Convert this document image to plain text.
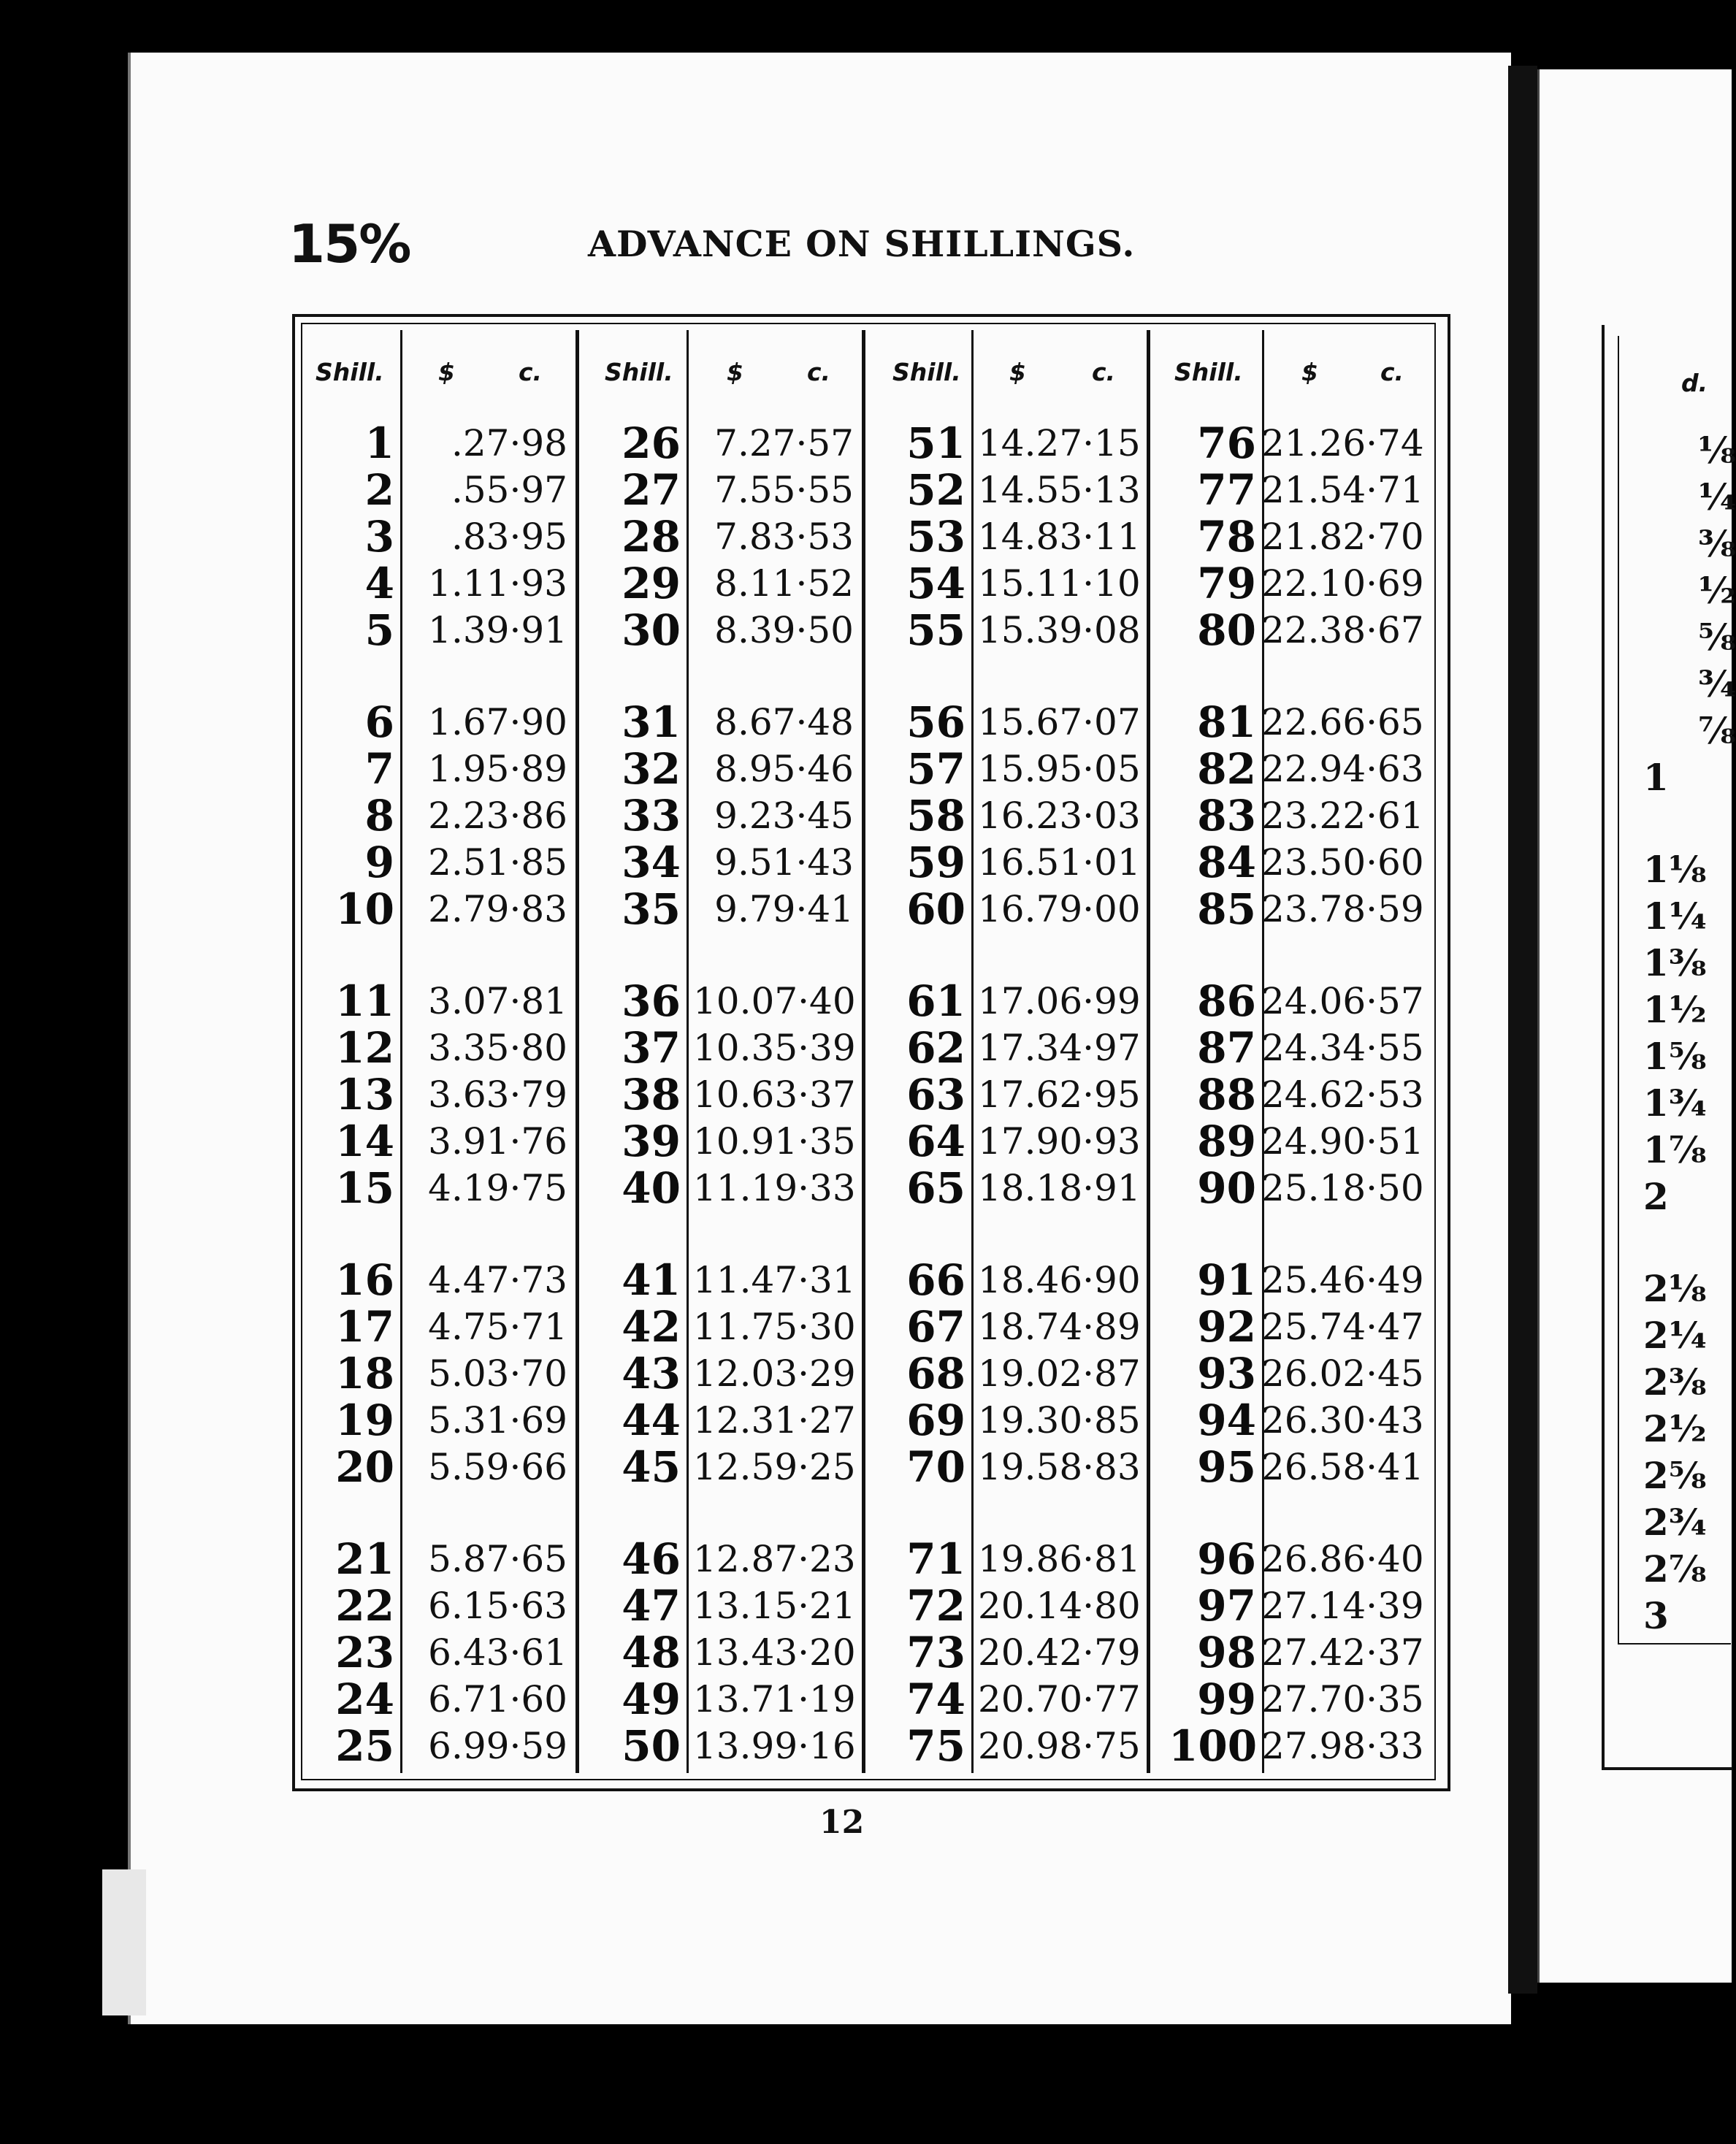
15%	ADVANCE ON SHILLINGS.
Shill. $	c.	Shill. $	c.	Shill. $	c. Shill. $	c.
1	.27·98
2	.55·97
3	.83·95
4 1.11·93
5 1.39·91
6 1.67·90
7 1.95·89
8 2.23·86
9 2.51·85
10 2.79·83
11 3.07·81
12 3.35·80
13 3.63·79
14 3.91·76
15 4.19·75
16 4.47·73
17 4.75·71
18 5.03·70
19 5.31·69
20 5.59·66
21 5.87·65
22 6.15·63
23 6.43·61
24 6.71·60
25 6.99·59
26 7.27·57
27 7.55·55
28 7.83·53
29 8.11·52
30 8.39·50
31 8.67·48
32 8.95·46
33 9.23·45
34 9.51·43
35 9.79·41
36 10.07·40
37 10.35·39
38 10.63·37
39 10.91·35
40 11.19·33
41 11.47·31
42 11.75·30
43 12.03·29
44 12.31·27
45 12.59·25
46 12.87·23
47 13.15·21
48 13.43·20
49 13.71·19
50 13.99·16
51 14.27·15
52 14.55·13
53 14.83·11
54 15.11·10
55 15.39·08
56 15.67·07
57 15.95·05
58 16.23·03
59 16.51·01
60 16.79·00
61 17.06·99
62 17.34·97
63 17.62·95
64 17.90·93
65 18.18·91
66 18.46·90
67 18.74·89
68 19.02·87
69 19.30·85
70 19.58·83
71 19.86·81
72 20.14·80
73 20.42·79
74 20.70·77
75 20.98·75
76 21.26·74
77 21.54·71
78 21.82·70
79 22.10·69
80 22.38·67
81 22.66·65
82 22.94·63
83 23.22·61
84 23.50·60
85 23.78·59
86 24.06·57
87 24.34·55
88 24.62·53
89 24.90·51
90 25.18·50
91 25.46·49
92 25.74·47
93 26.02·45
94 26.30·43
95 26.58·41
96 26.86·40
97 27.14·39
98 27.42·37
99 27.70·35
100 27.98·33
12
d.
⅛
¼
⅜
½
⅝
¾
⅞
1
1⅛
1¼
1⅜
1½
1⅝
1¾
1⅞
2
2⅛
2¼
2⅜
2½
2⅝
2¾
2⅞
3
